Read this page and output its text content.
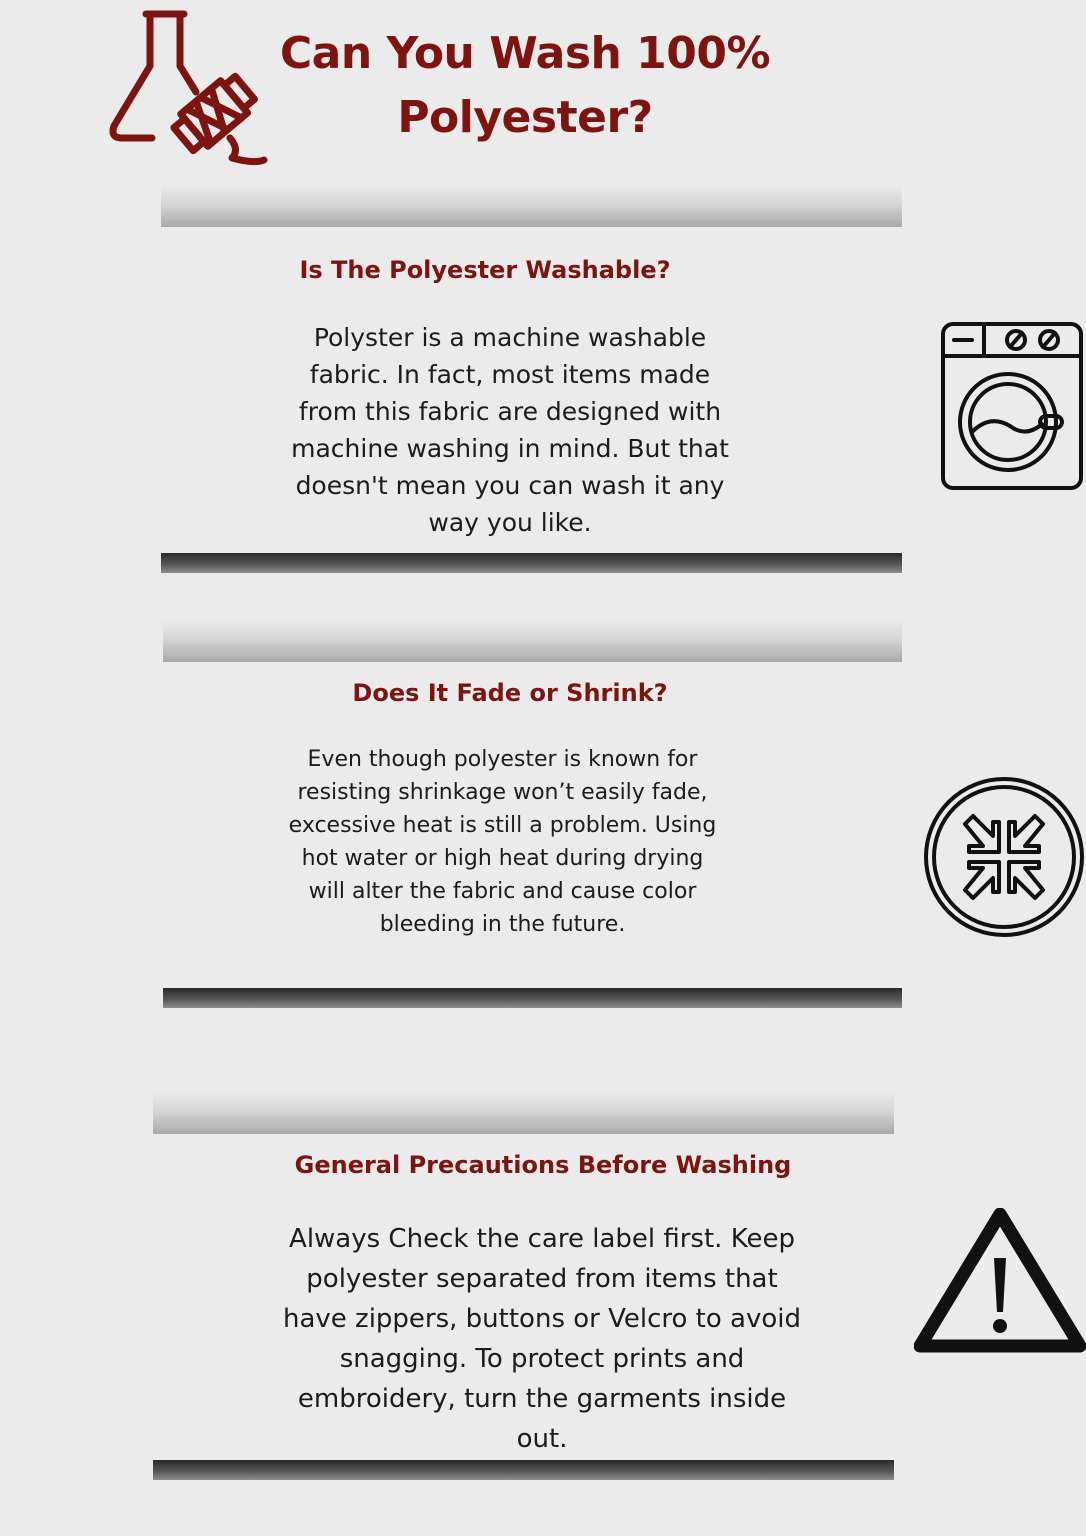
Can You Wash 100%
Polyester?
Is The Polyester Washable?
Polyster is a machine washable
fabric. In fact, most items made
from this fabric are designed with
machine washing in mind. But that
doesn't mean you can wash it any
way you like.
Does It Fade or Shrink?
Even though polyester is known for
resisting shrinkage won’t easily fade,
excessive heat is still a problem. Using
hot water or high heat during drying
will alter the fabric and cause color
bleeding in the future.
General Precautions Before Washing
Always Check the care label first. Keep
polyester separated from items that
have zippers, buttons or Velcro to avoid
snagging. To protect prints and
embroidery, turn the garments inside
out.
